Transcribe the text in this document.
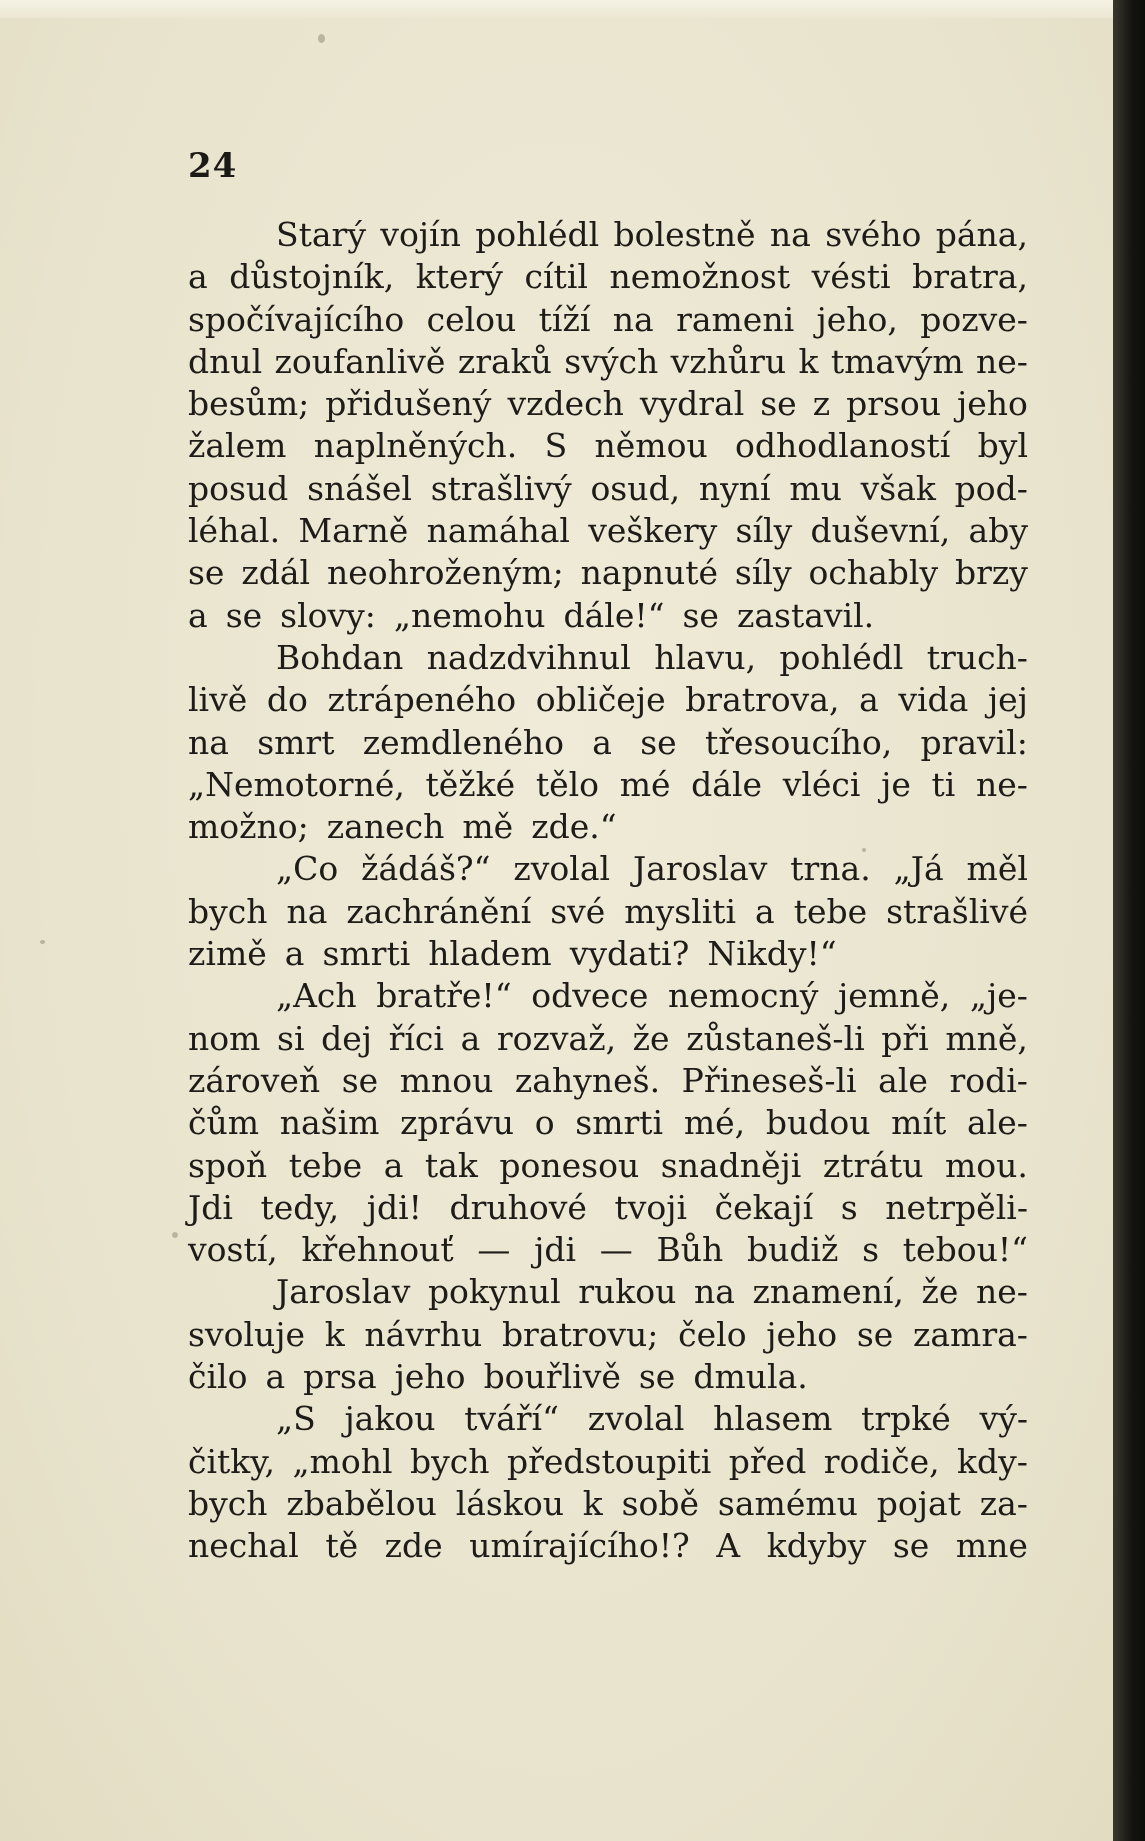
24
Starý vojín pohlédl bolestně na svého pána,
a důstojník, který cítil nemožnost vésti bratra,
spočívajícího celou tíží na rameni jeho, pozve-
dnul zoufanlivě zraků svých vzhůru k tmavým ne-
besům; přidušený vzdech vydral se z prsou jeho
žalem naplněných. S němou odhodlaností byl
posud snášel strašlivý osud, nyní mu však pod-
léhal. Marně namáhal veškery síly duševní, aby
se zdál neohroženým; napnuté síly ochably brzy
a se slovy: „nemohu dále!“ se zastavil.
Bohdan nadzdvihnul hlavu, pohlédl truch-
livě do ztrápeného obličeje bratrova, a vida jej
na smrt zemdleného a se třesoucího, pravil:
„Nemotorné, těžké tělo mé dále vléci je ti ne-
možno; zanech mě zde.“
„Co žádáš?“ zvolal Jaroslav trna. „Já měl
bych na zachránění své mysliti a tebe strašlivé
zimě a smrti hladem vydati? Nikdy!“
„Ach bratře!“ odvece nemocný jemně, „je-
nom si dej říci a rozvaž, že zůstaneš-li při mně,
zároveň se mnou zahyneš. Přineseš-li ale rodi-
čům našim zprávu o smrti mé, budou mít ale-
spoň tebe a tak ponesou snadněji ztrátu mou.
Jdi tedy, jdi! druhové tvoji čekají s netrpěli-
vostí, křehnouť — jdi — Bůh budiž s tebou!“
Jaroslav pokynul rukou na znamení, že ne-
svoluje k návrhu bratrovu; čelo jeho se zamra-
čilo a prsa jeho bouřlivě se dmula.
„S jakou tváří“ zvolal hlasem trpké vý-
čitky, „mohl bych předstoupiti před rodiče, kdy-
bych zbabělou láskou k sobě samému pojat za-
nechal tě zde umírajícího!? A kdyby se mne
